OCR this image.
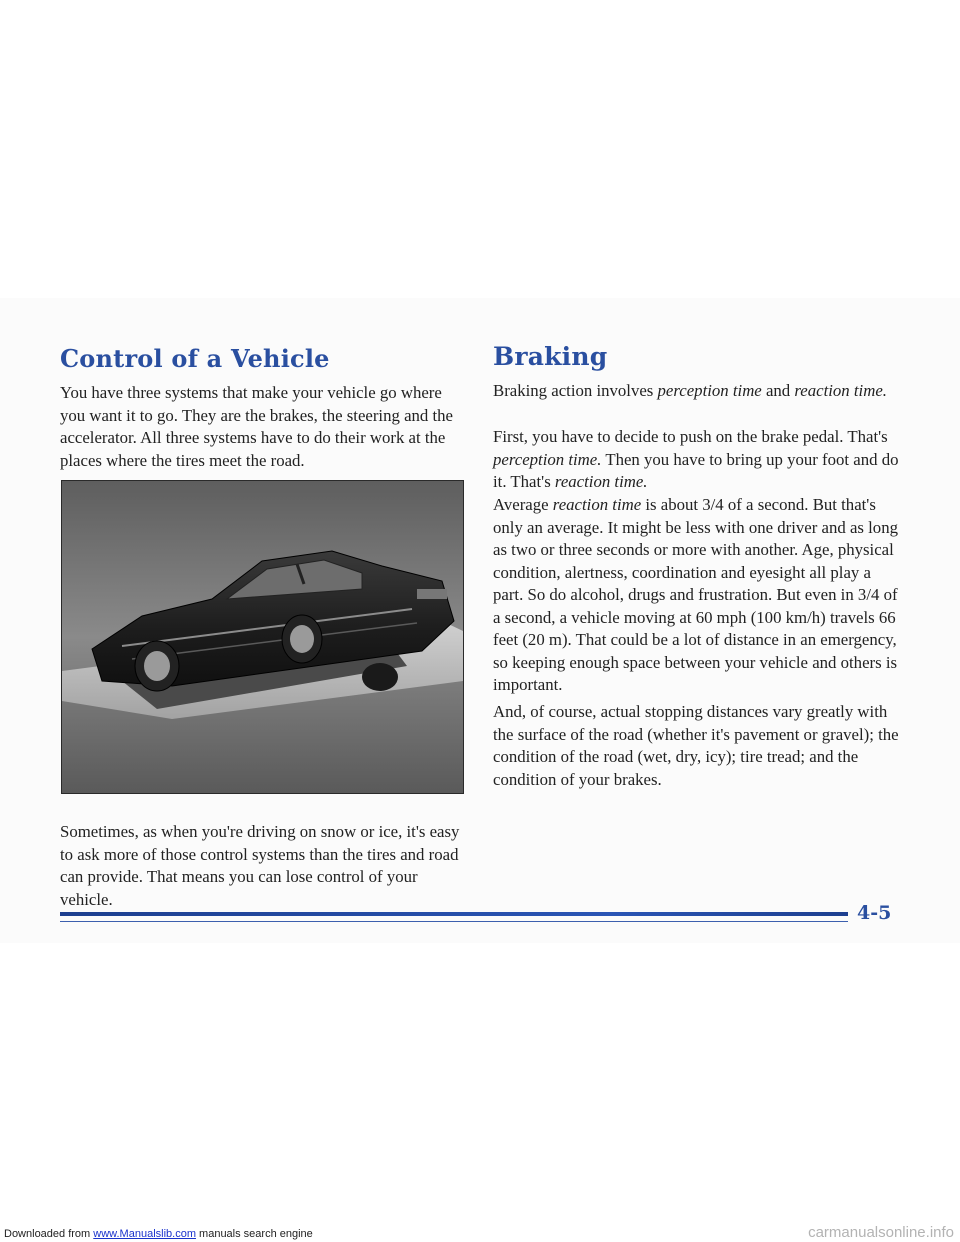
Control of a Vehicle

You have three systems that make your vehicle go where you want it to go. They are the brakes, the steering and the accelerator. All three systems have to do their work at the places where the tires meet the road.

Sometimes, as when you're driving on snow or ice, it's easy to ask more of those control systems than the tires and road can provide. That means you can lose control of your vehicle.

Braking

Braking action involves perception time and reaction time.

First, you have to decide to push on the brake pedal. That's perception time. Then you have to bring up your foot and do it. That's reaction time.

Average reaction time is about 3/4 of a second. But that's only an average. It might be less with one driver and as long as two or three seconds or more with another. Age, physical condition, alertness, coordination and eyesight all play a part. So do alcohol, drugs and frustration. But even in 3/4 of a second, a vehicle moving at 60 mph (100 km/h) travels 66 feet (20 m). That could be a lot of distance in an emergency, so keeping enough space between your vehicle and others is important.

And, of course, actual stopping distances vary greatly with the surface of the road (whether it's pavement or gravel); the condition of the road (wet, dry, icy); tire tread; and the condition of your brakes.

4-5
Downloaded from www.Manualslib.com manuals search engine	carmanualsonline.info
